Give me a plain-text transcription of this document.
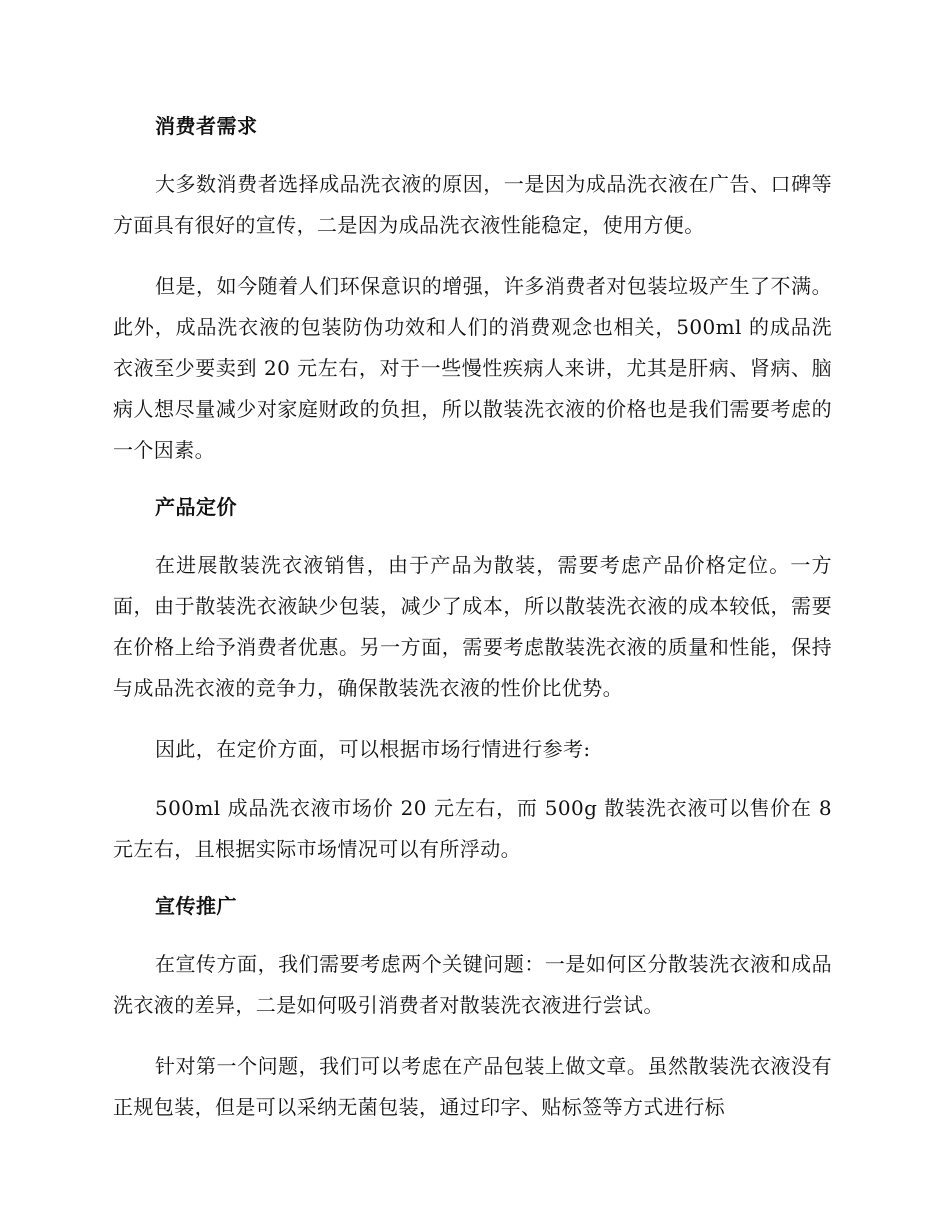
消费者需求

大多数消费者选择成品洗衣液的原因，一是因为成品洗衣液在广告、口碑等方面具有很好的宣传，二是因为成品洗衣液性能稳定，使用方便。

但是，如今随着人们环保意识的增强，许多消费者对包装垃圾产生了不满。此外，成品洗衣液的包装防伪功效和人们的消费观念也相关，500ml 的成品洗衣液至少要卖到 20 元左右，对于一些慢性疾病人来讲，尤其是肝病、肾病、脑病人想尽量减少对家庭财政的负担，所以散装洗衣液的价格也是我们需要考虑的一个因素。

产品定价

在进展散装洗衣液销售，由于产品为散装，需要考虑产品价格定位。一方面，由于散装洗衣液缺少包装，减少了成本，所以散装洗衣液的成本较低，需要在价格上给予消费者优惠。另一方面，需要考虑散装洗衣液的质量和性能，保持与成品洗衣液的竞争力，确保散装洗衣液的性价比优势。

因此，在定价方面，可以根据市场行情进行参考:

500ml 成品洗衣液市场价 20 元左右，而 500g 散装洗衣液可以售价在 8 元左右，且根据实际市场情况可以有所浮动。

宣传推广

在宣传方面，我们需要考虑两个关键问题：一是如何区分散装洗衣液和成品洗衣液的差异，二是如何吸引消费者对散装洗衣液进行尝试。

针对第一个问题，我们可以考虑在产品包装上做文章。虽然散装洗衣液没有正规包装，但是可以采纳无菌包装，通过印字、贴标签等方式进行标
